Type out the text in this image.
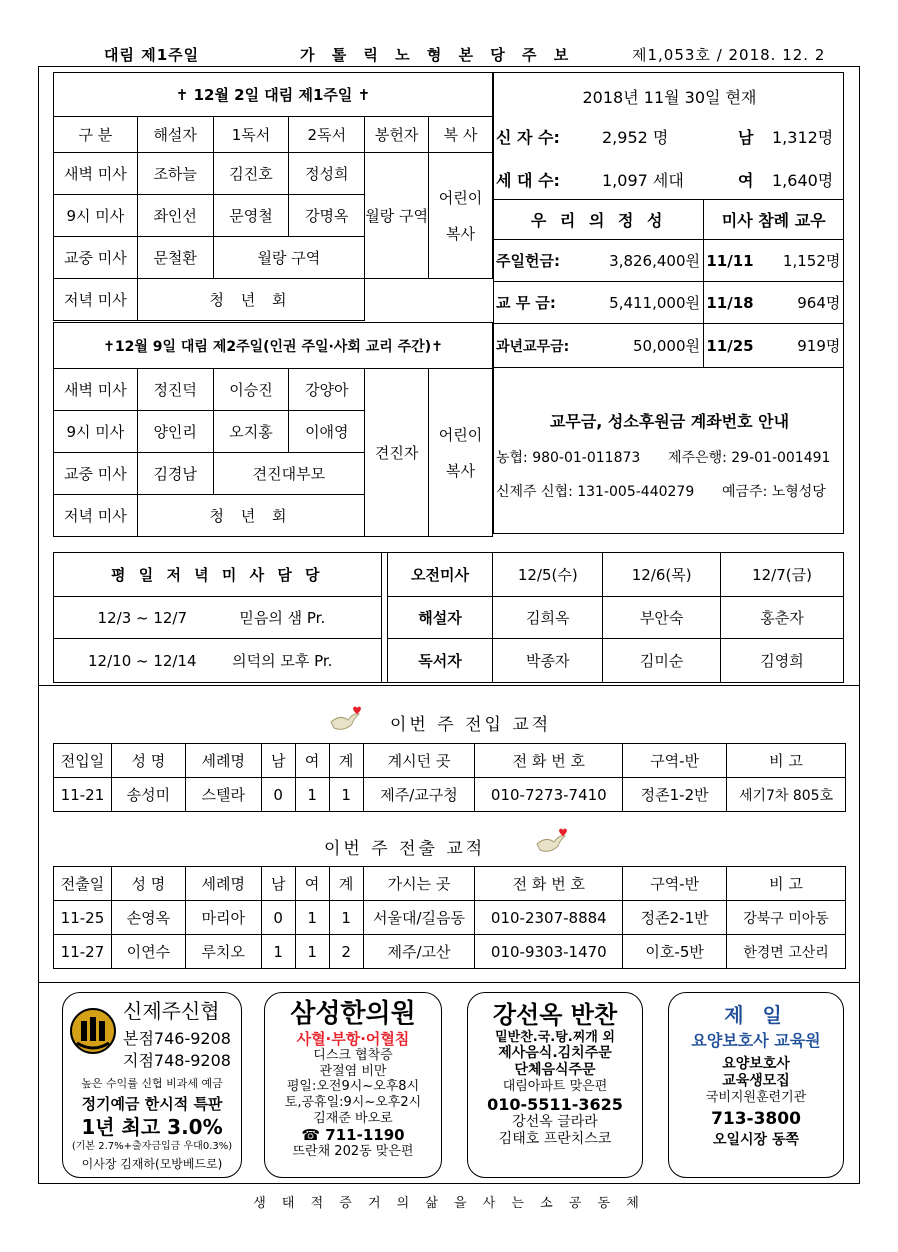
대림 제1주일	가 톨 릭 노 형 본 당 주 보	제1,053호 / 2018. 12. 2
✝ 12월 2일 대림 제1주일 ✝					
구 분	해설자	1독서	2독서	봉헌자	복 사
새벽 미사	조하늘	김진호	정성희	월랑 구역	어린이 복사
9시 미사	좌인선	문영철	강명옥		
교중 미사	문철환	월랑 구역			
저녁 미사	청 년 회				
✝12월 9일 대림 제2주일(인권 주일·사회 교리 주간)✝					
새벽 미사	정진덕	이승진	강양아	견진자	어린이 복사
9시 미사	양인리	오지홍	이애영		
교중 미사	김경남	견진대부모			
저녁 미사	청 년 회				
2018년 11월 30일 현재
신 자 수:	2,952 명	남 1,312명
세 대 수:	1,097 세대	여 1,640명
우 리 의 정 성	미사 참례 교우
주일헌금: 3,826,400원	11/11 1,152명
교 무 금: 5,411,000원	11/18 964명
과년교무금: 50,000원	11/25 919명
교무금, 성소후원금 계좌번호 안내
농협: 980-01-011873 제주은행: 29-01-001491
신제주 신협: 131-005-440279 예금주: 노형성당
평 일 저 녁 미 사 담 당		오전미사	12/5(수)	12/6(목)	12/7(금)
12/3 ~ 12/7 믿음의 샘 Pr.		해설자	김희옥	부안숙	홍춘자
12/10 ~ 12/14 의덕의 모후 Pr.		독서자	박종자	김미순	김영희
이번 주 전입 교적
전입일	성 명	세례명	남	여	계	계시던 곳	전 화 번 호	구역-반	비 고
11-21	송성미	스텔라	0	1	1	제주/교구청	010-7273-7410	정존1-2반	세기7차 805호
이번 주 전출 교적
전출일	성 명	세례명	남	여	계	가시는 곳	전 화 번 호	구역-반	비 고
11-25	손영옥	마리아	0	1	1	서울대/길음동	010-2307-8884	정존2-1반	강북구 미아동
11-27	이연수	루치오	1	1	2	제주/고산	010-9303-1470	이호-5반	한경면 고산리
신제주신협
본점746-9208
지점748-9208
높은 수익률 신협 비과세 예금
정기예금 한시적 특판
1년 최고 3.0%
(기본 2.7%+출자금입금 우대0.3%)
이사장 김재하(모방베드로)
삼성한의원
사혈·부항·어혈침
디스크 협착증
관절염 비만
평일:오전9시~오후8시
토,공휴일:9시~오후2시
김재준 바오로
☎ 711-1190
뜨란채 202동 맞은편
강선옥 반찬
밑반찬.국.탕.찌개 외
제사음식.김치주문
단체음식주문
대림아파트 맞은편
010-5511-3625
강선옥 글라라
김태호 프란치스코
제 일
요양보호사 교육원
요양보호사
교육생모집
국비지원훈련기관
713-3800
오일시장 동쪽
생 태 적 증 거 의 삶 을 사 는 소 공 동 체
